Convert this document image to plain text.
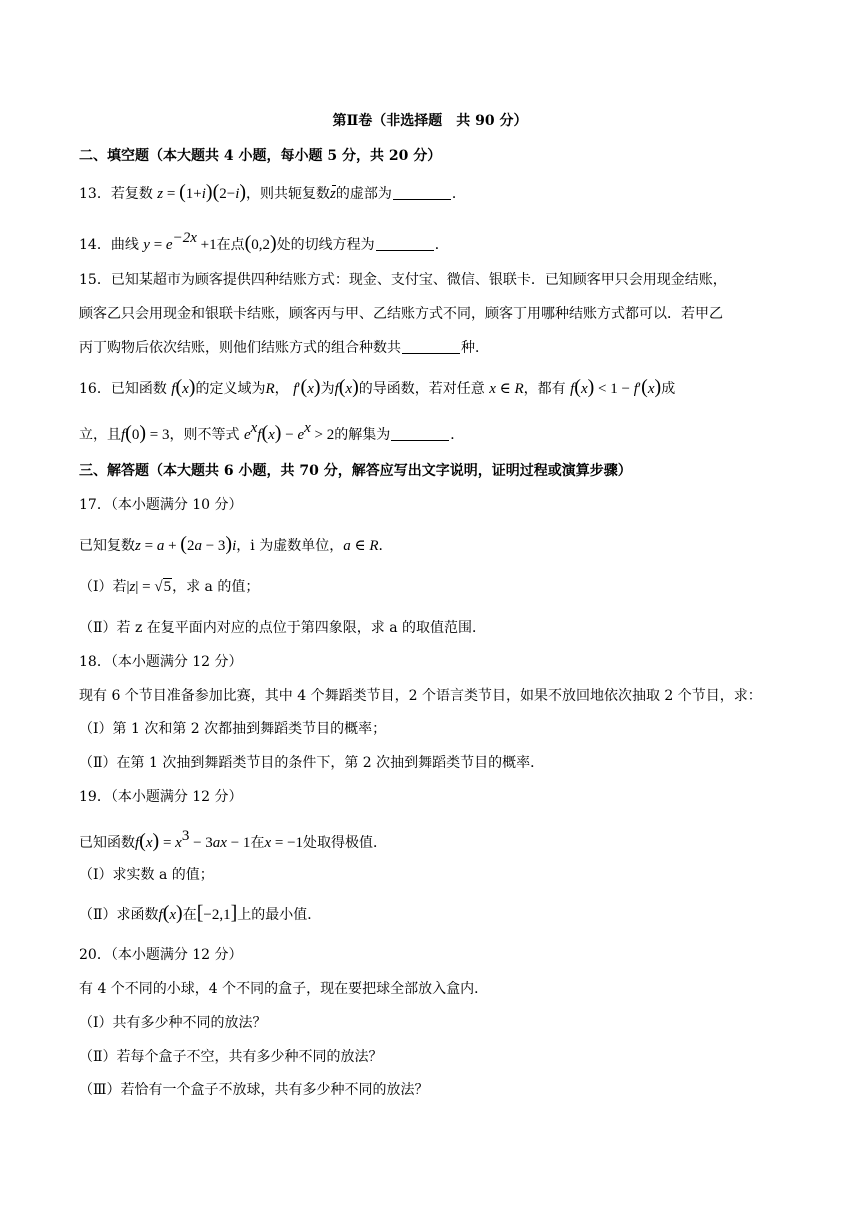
第Ⅱ卷（非选择题　共 90 分）
二、填空题（本大题共 4 小题，每小题 5 分，共 20 分）
13．若复数 z = (1+i)(2−i)，则共轭复数z的虚部为	．
14．曲线 $y = e^{-2x} +1$在点(0,2)处的切线方程为	．
15．已知某超市为顾客提供四种结账方式：现金、支付宝、微信、银联卡．已知顾客甲只会用现金结账，
顾客乙只会用现金和银联卡结账，顾客丙与甲、乙结账方式不同，顾客丁用哪种结账方式都可以．若甲乙
丙丁购物后依次结账，则他们结账方式的组合种数共	种．
16．已知函数 f(x)的定义域为R， f′(x)为f(x)的导函数，若对任意 x ∈ R，都有 f(x) < 1 − f′(x)成
立，且f(0) = 3，则不等式 $e^xf(x) - e^x > 2$的解集为	．
三、解答题（本大题共 6 小题，共 70 分，解答应写出文字说明，证明过程或演算步骤）
17．（本小题满分 10 分）
已知复数z = a + (2a − 3)i，i 为虚数单位，a ∈ R．
（Ⅰ）若|z| = √5，求 a 的值；
（Ⅱ）若 z 在复平面内对应的点位于第四象限，求 a 的取值范围．
18．（本小题满分 12 分）
现有 6 个节目准备参加比赛，其中 4 个舞蹈类节目，2 个语言类节目，如果不放回地依次抽取 2 个节目，求：
（Ⅰ）第 1 次和第 2 次都抽到舞蹈类节目的概率；
（Ⅱ）在第 1 次抽到舞蹈类节目的条件下，第 2 次抽到舞蹈类节目的概率．
19．（本小题满分 12 分）
已知函数$f(x) = x^3 - 3ax - 1$在x = −1处取得极值．
（Ⅰ）求实数 a 的值；
（Ⅱ）求函数f(x)在[−2,1]上的最小值．
20．（本小题满分 12 分）
有 4 个不同的小球，4 个不同的盒子，现在要把球全部放入盒内．
（Ⅰ）共有多少种不同的放法？
（Ⅱ）若每个盒子不空，共有多少种不同的放法？
（Ⅲ）若恰有一个盒子不放球，共有多少种不同的放法？
